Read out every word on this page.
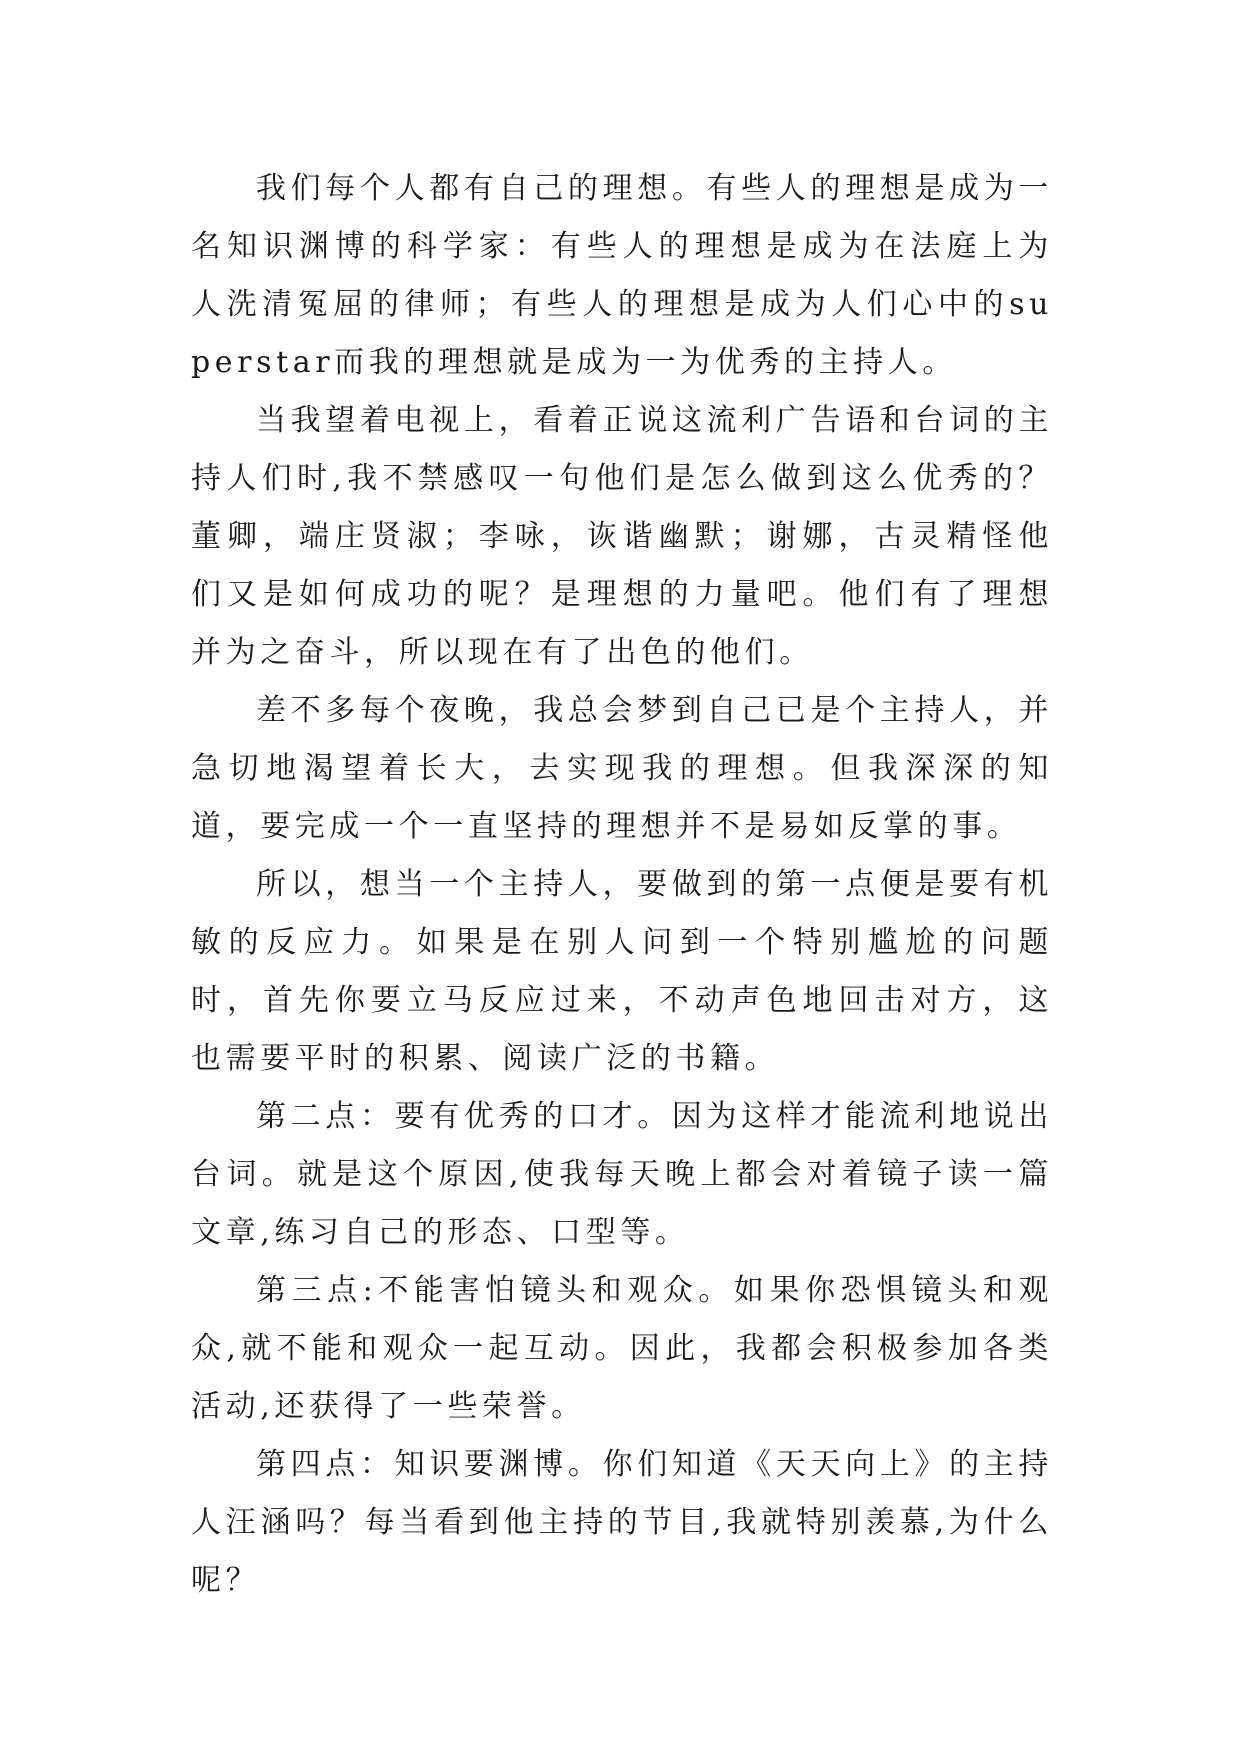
我们每个人都有自己的理想。有些人的理想是成为一名知识渊博的科学家：有些人的理想是成为在法庭上为人洗清冤屈的律师；有些人的理想是成为人们心中的superstar而我的理想就是成为一为优秀的主持人。

当我望着电视上，看着正说这流利广告语和台词的主持人们时,我不禁感叹一句他们是怎么做到这么优秀的？董卿，端庄贤淑；李咏，诙谐幽默；谢娜，古灵精怪他们又是如何成功的呢？是理想的力量吧。他们有了理想并为之奋斗，所以现在有了出色的他们。

差不多每个夜晚，我总会梦到自己已是个主持人，并急切地渴望着长大，去实现我的理想。但我深深的知道，要完成一个一直坚持的理想并不是易如反掌的事。

所以，想当一个主持人，要做到的第一点便是要有机敏的反应力。如果是在别人问到一个特别尴尬的问题时，首先你要立马反应过来，不动声色地回击对方，这也需要平时的积累、阅读广泛的书籍。

第二点：要有优秀的口才。因为这样才能流利地说出台词。就是这个原因,使我每天晚上都会对着镜子读一篇文章,练习自己的形态、口型等。

第三点:不能害怕镜头和观众。如果你恐惧镜头和观众,就不能和观众一起互动。因此，我都会积极参加各类活动,还获得了一些荣誉。

第四点：知识要渊博。你们知道《天天向上》的主持人汪涵吗？每当看到他主持的节目,我就特别羡慕,为什么呢？
